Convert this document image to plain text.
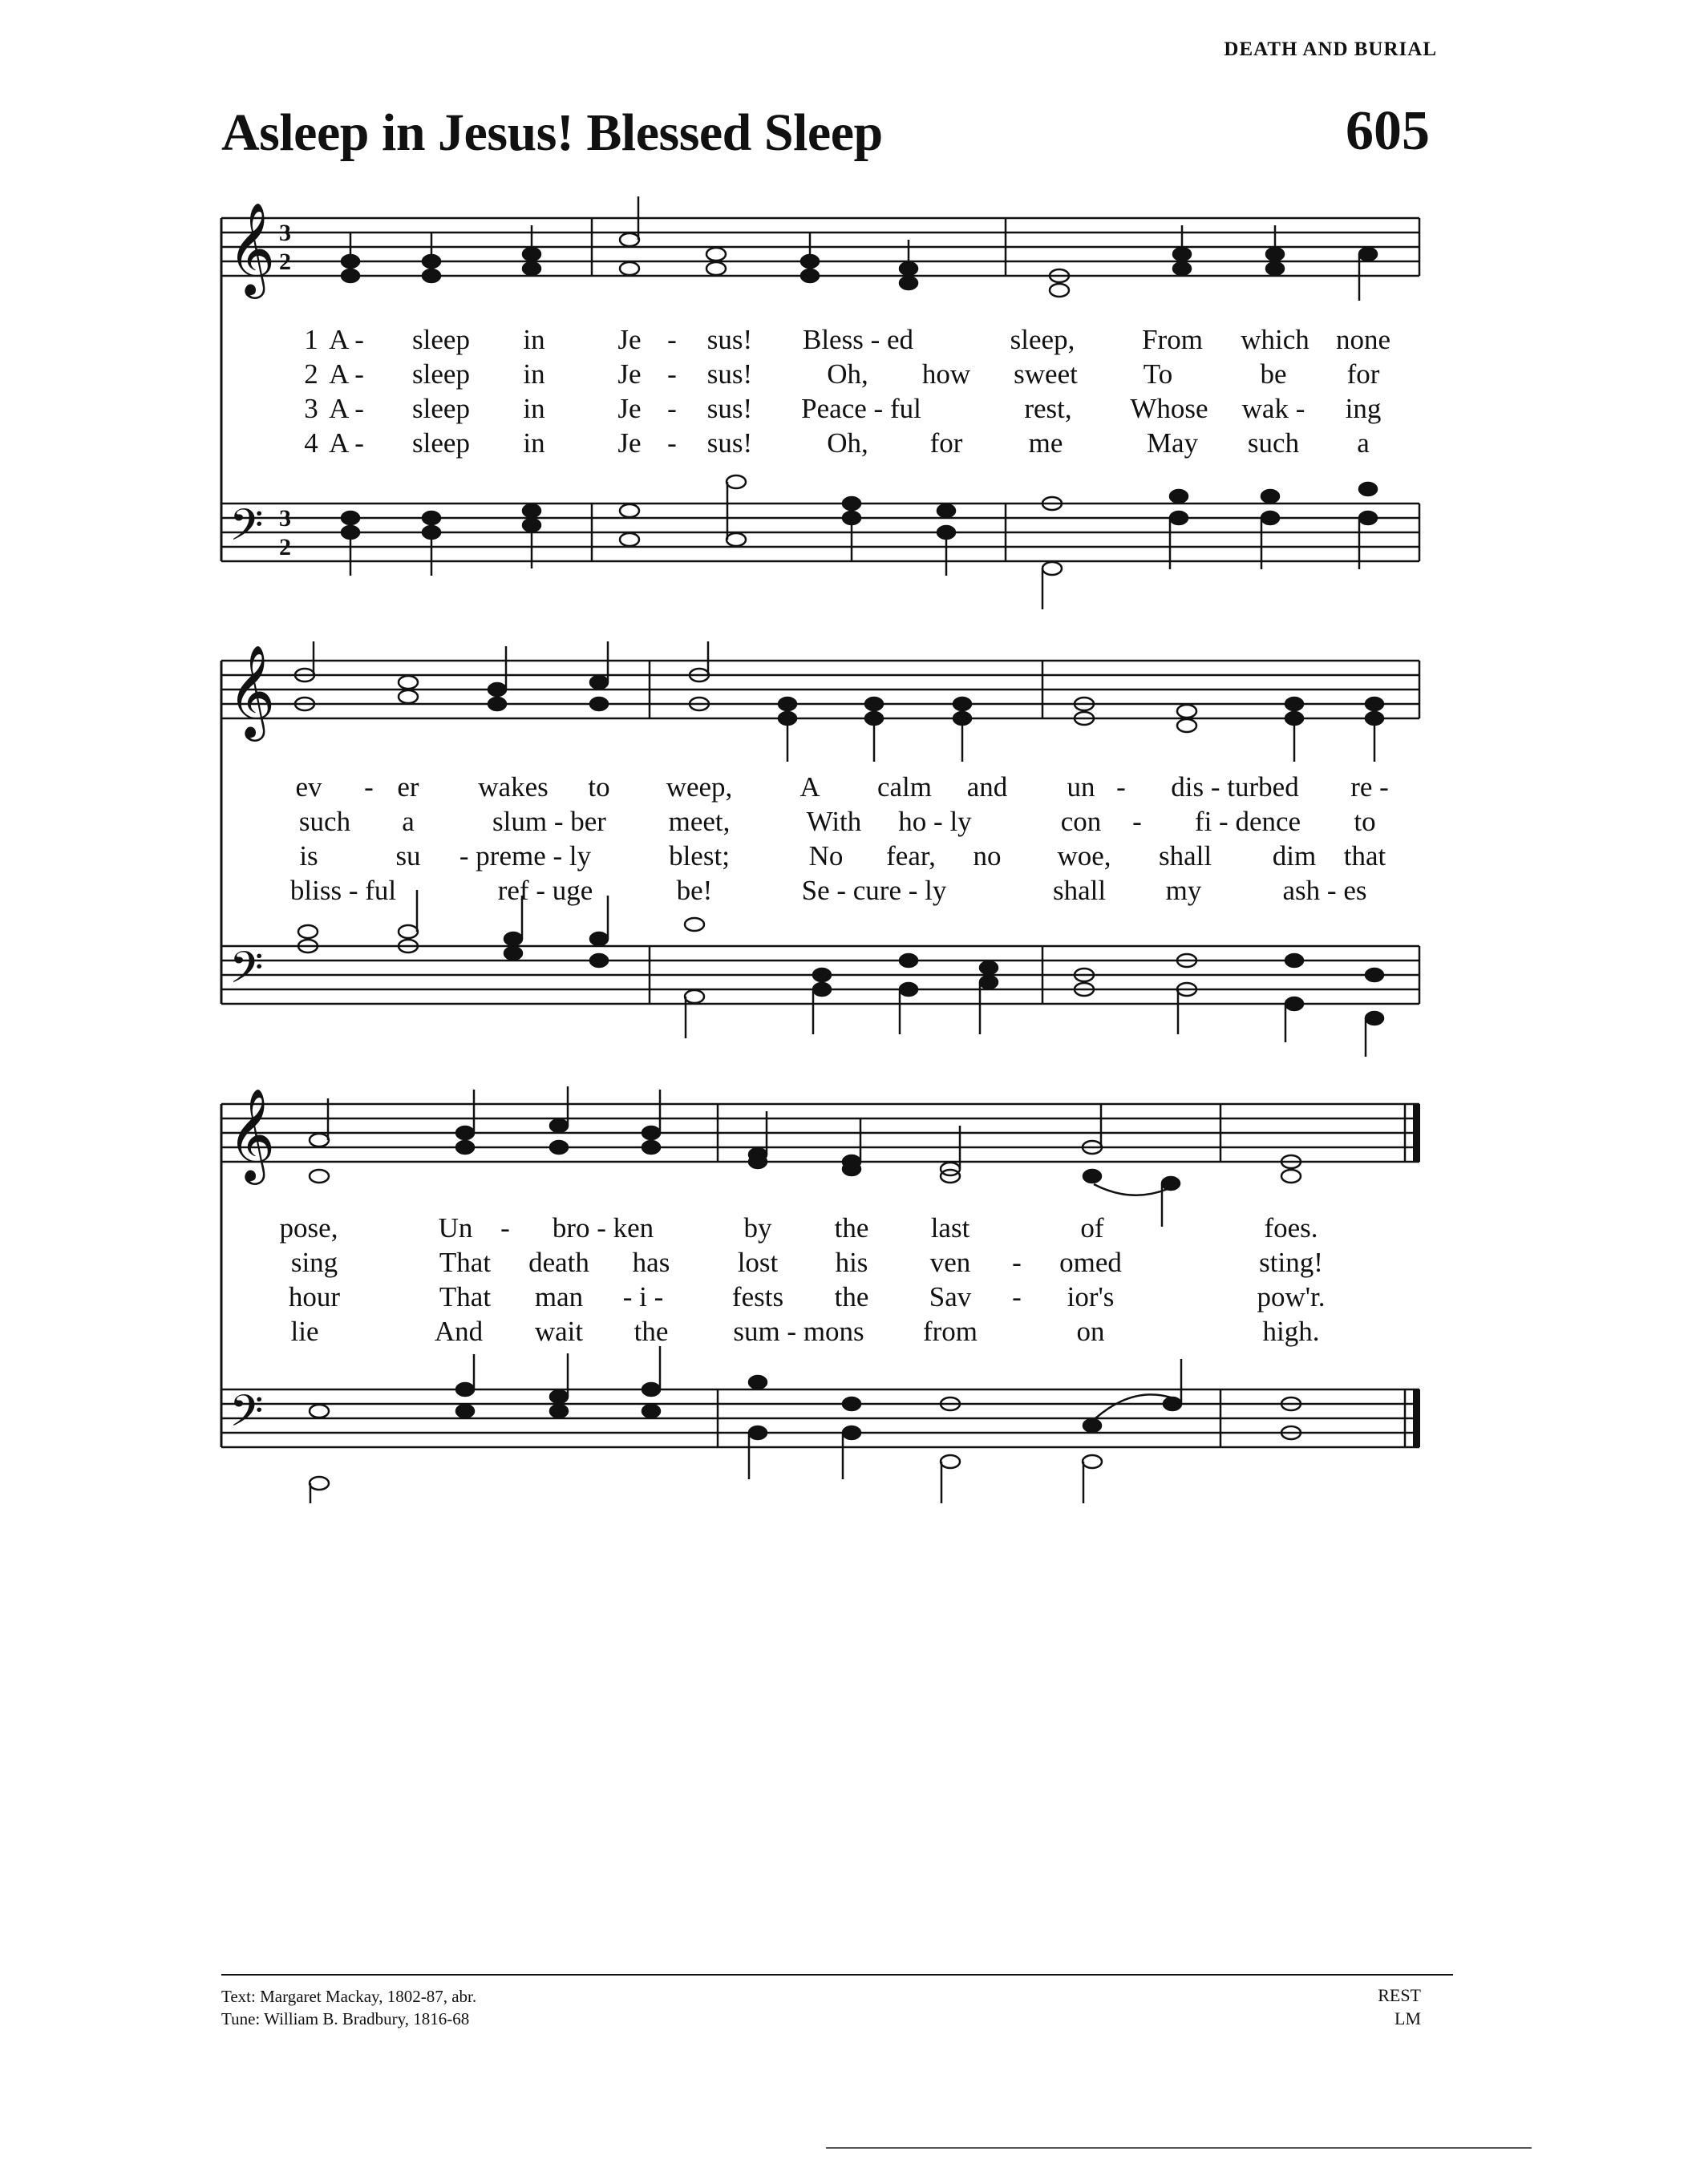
DEATH AND BURIAL
Asleep in Jesus! Blessed Sleep	605
𝄞
𝄢
3
2
3
2
1 A - sleep in	Je - sus! Bless - ed	sleep, From which none
2 A - sleep in	Je - sus!	Oh, how sweet To	be for
3 A - sleep in	Je - sus! Peace - ful	rest, Whose wak - ing
4 A - sleep in	Je - sus!	Oh, for me	May such a
𝄞
𝄢
ev - er wakes to weep, A calm and un - dis - turbed re -
such a	slum - ber meet,	With ho - ly	con - fi - dence to
is	su - preme - ly	blest;	No fear, no woe, shall dim that
bliss - ful	ref - uge	be!	Se - cure - ly	shall my	ash - es
𝄞
𝄢
pose,	Un - bro - ken	by the last	of	foes.
sing	That death has lost his ven - omed	sting!
hour	That man - i - fests the Sav - ior's	pow'r.
lie	And wait the sum - mons from	on	high.
Text: Margaret Mackay, 1802-87, abr.
Tune: William B. Bradbury, 1816-68
REST
LM
